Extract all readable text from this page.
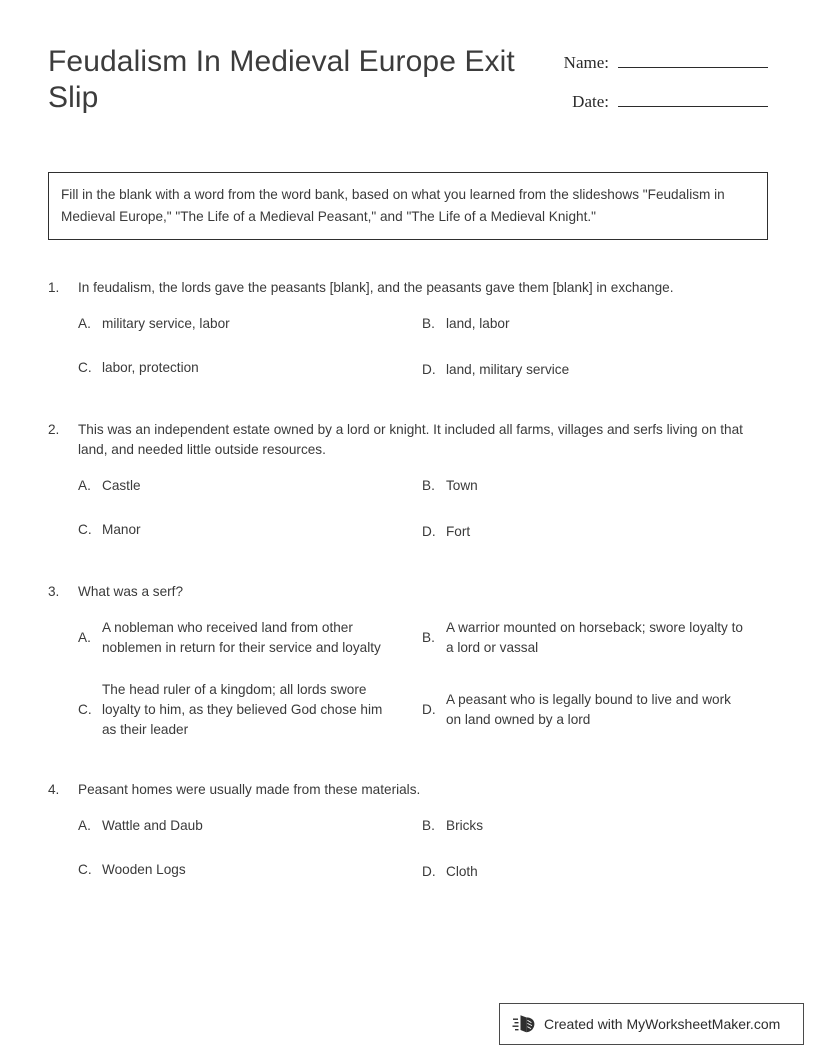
Feudalism In Medieval Europe Exit Slip
Name:
Date:
Fill in the blank with a word from the word bank, based on what you learned from the slideshows "Feudalism in Medieval Europe," "The Life of a Medieval Peasant," and "The Life of a Medieval Knight."
1.	In feudalism, the lords gave the peasants [blank], and the peasants gave them [blank] in exchange.
A. military service, labor	B. land, labor
C. labor, protection	D. land, military service
2.	This was an independent estate owned by a lord or knight. It included all farms, villages and serfs living on that land, and needed little outside resources.
A. Castle	B. Town
C. Manor	D. Fort
3.	What was a serf?
A.
A nobleman who received land from other noblemen in return for their service and loyalty
B.
A warrior mounted on horseback; swore loyalty to a lord or vassal
C.
The head ruler of a kingdom; all lords swore loyalty to him, as they believed God chose him as their leader
D.
A peasant who is legally bound to live and work on land owned by a lord
4.	Peasant homes were usually made from these materials.
A. Wattle and Daub	B. Bricks
C. Wooden Logs	D. Cloth
Created with MyWorksheetMaker.com
